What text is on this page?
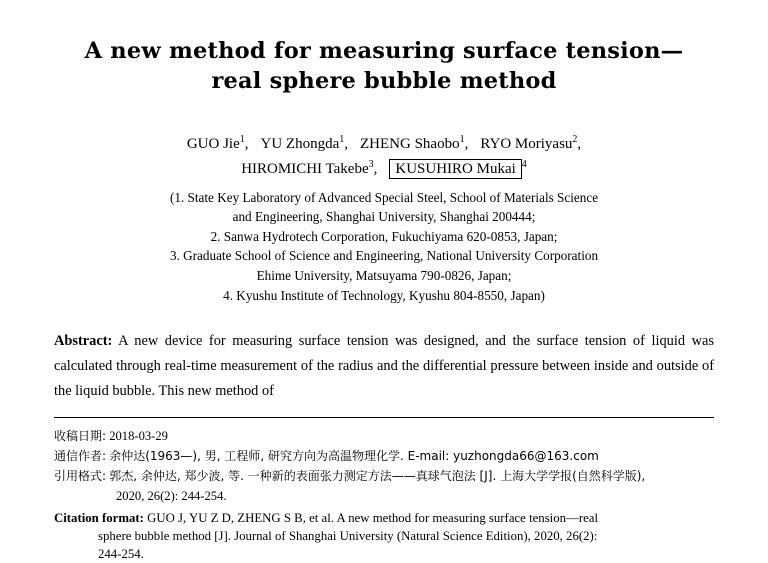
A new method for measuring surface tension—
real sphere bubble method
GUO Jie$^1$, YU Zhongda$^1$, ZHENG Shaobo$^1$, RYO Moriyasu$^2$,
HIROMICHI Takebe$^3$, KUSUHIRO Mukai $^4$
(1. State Key Laboratory of Advanced Special Steel, School of Materials Science
and Engineering, Shanghai University, Shanghai 200444;
2. Sanwa Hydrotech Corporation, Fukuchiyama 620-0853, Japan;
3. Graduate School of Science and Engineering, National University Corporation
Ehime University, Matsuyama 790-0826, Japan;
4. Kyushu Institute of Technology, Kyushu 804-8550, Japan)
Abstract: A new device for measuring surface tension was designed, and the surface tension of liquid was calculated through real-time measurement of the radius and the differential pressure between inside and outside of the liquid bubble. This new method of
收稿日期: 2018-03-29
通信作者: 余仲达(1963—), 男, 工程师, 研究方向为高温物理化学. E-mail: yuzhongda66@163.com
引用格式: 郭杰, 余仲达, 郑少波, 等. 一种新的表面张力测定方法——真球气泡法 [J]. 上海大学学报(自然科学版),
2020, 26(2): 244-254.
Citation format: GUO J, YU Z D, ZHENG S B, et al. A new method for measuring surface tension—real
sphere bubble method [J]. Journal of Shanghai University (Natural Science Edition), 2020, 26(2):
244-254.
